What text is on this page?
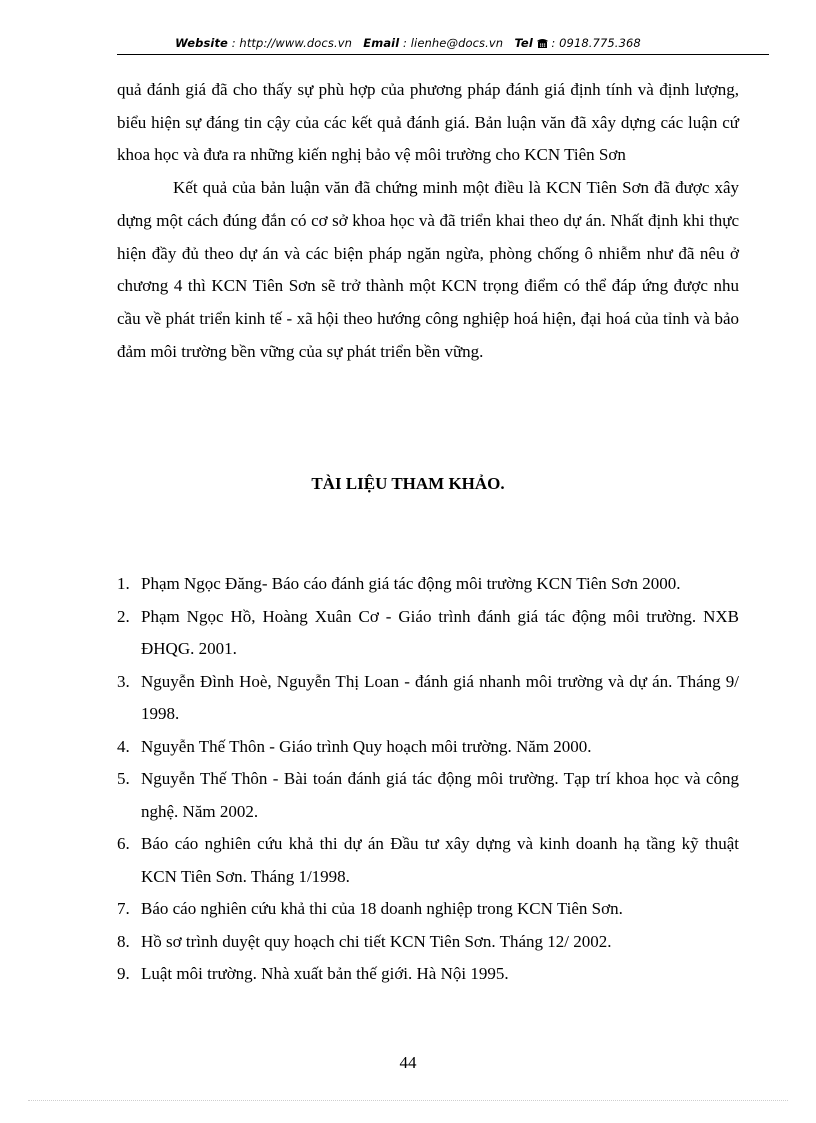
Website : http://www.docs.vn Email : lienhe@docs.vn Tel : 0918.775.368

quả đánh giá đã cho thấy sự phù hợp của phương pháp đánh giá định tính và định lượng, biểu hiện sự đáng tin cậy của các kết quả đánh giá. Bản luận văn đã xây dựng các luận cứ khoa học và đưa ra những kiến nghị bảo vệ môi trường cho KCN Tiên Sơn

Kết quả của bản luận văn đã chứng minh một điều là KCN Tiên Sơn đã được xây dựng một cách đúng đắn có cơ sở khoa học và đã triển khai theo dự án. Nhất định khi thực hiện đầy đủ theo dự án và các biện pháp ngăn ngừa, phòng chống ô nhiễm như đã nêu ở chương 4 thì KCN Tiên Sơn sẽ trở thành một KCN trọng điểm có thể đáp ứng được nhu cầu về phát triển kinh tế - xã hội theo hướng công nghiệp hoá hiện, đại hoá của tỉnh và bảo đảm môi trường bền vững của sự phát triển bền vững.

TÀI LIỆU THAM KHẢO.
1. Phạm Ngọc Đăng- Báo cáo đánh giá tác động môi trường KCN Tiên Sơn 2000.
2. Phạm Ngọc Hồ, Hoàng Xuân Cơ - Giáo trình đánh giá tác động môi trường. NXB ĐHQG. 2001.
3. Nguyễn Đình Hoè, Nguyễn Thị Loan - đánh giá nhanh môi trường và dự án. Tháng 9/ 1998.
4. Nguyễn Thế Thôn - Giáo trình Quy hoạch môi trường. Năm 2000.
5. Nguyễn Thế Thôn - Bài toán đánh giá tác động môi trường. Tạp trí khoa học và công nghệ. Năm 2002.
6. Báo cáo nghiên cứu khả thi dự án Đầu tư xây dựng và kinh doanh hạ tầng kỹ thuật KCN Tiên Sơn. Tháng 1/1998.
7. Báo cáo nghiên cứu khả thi của 18 doanh nghiệp trong KCN Tiên Sơn.
8. Hồ sơ trình duyệt quy hoạch chi tiết KCN Tiên Sơn. Tháng 12/ 2002.
9. Luật môi trường. Nhà xuất bản thế giới. Hà Nội 1995.
44
